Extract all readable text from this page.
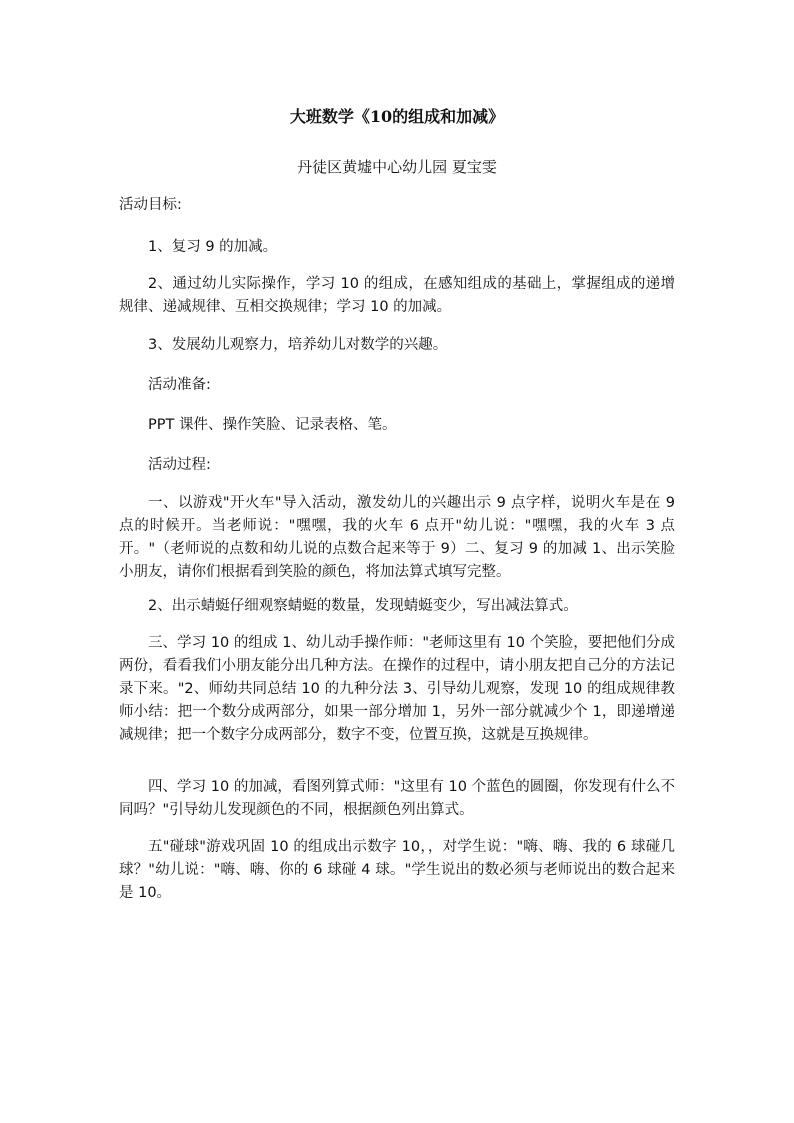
大班数学《10的组成和加减》
丹徒区黄墟中心幼儿园 夏宝雯

活动目标:

1、复习 9 的加减。

2、通过幼儿实际操作，学习 10 的组成，在感知组成的基础上，掌握组成的递增规律、递减规律、互相交换规律；学习 10 的加减。

3、发展幼儿观察力，培养幼儿对数学的兴趣。

活动准备:

PPT 课件、操作笑脸、记录表格、笔。

活动过程:

一、以游戏"开火车"导入活动，激发幼儿的兴趣出示 9 点字样，说明火车是在 9 点的时候开。当老师说："嘿嘿，我的火车 6 点开"幼儿说："嘿嘿，我的火车 3 点开。"（老师说的点数和幼儿说的点数合起来等于 9）二、复习 9 的加减 1、出示笑脸小朋友，请你们根据看到笑脸的颜色，将加法算式填写完整。

2、出示蜻蜓仔细观察蜻蜓的数量，发现蜻蜓变少，写出减法算式。

三、学习 10 的组成 1、幼儿动手操作师："老师这里有 10 个笑脸，要把他们分成两份，看看我们小朋友能分出几种方法。在操作的过程中，请小朋友把自己分的方法记录下来。"2、师幼共同总结 10 的九种分法 3、引导幼儿观察，发现 10 的组成规律教师小结：把一个数分成两部分，如果一部分增加 1，另外一部分就减少个 1，即递增递减规律；把一个数字分成两部分，数字不变，位置互换，这就是互换规律。

四、学习 10 的加减，看图列算式师："这里有 10 个蓝色的圆圈，你发现有什么不同吗？"引导幼儿发现颜色的不同，根据颜色列出算式。

五"碰球"游戏巩固 10 的组成出示数字 10，，对学生说："嗨、嗨、我的 6 球碰几球？"幼儿说："嗨、嗨、你的 6 球碰 4 球。"学生说出的数必须与老师说出的数合起来是 10。
